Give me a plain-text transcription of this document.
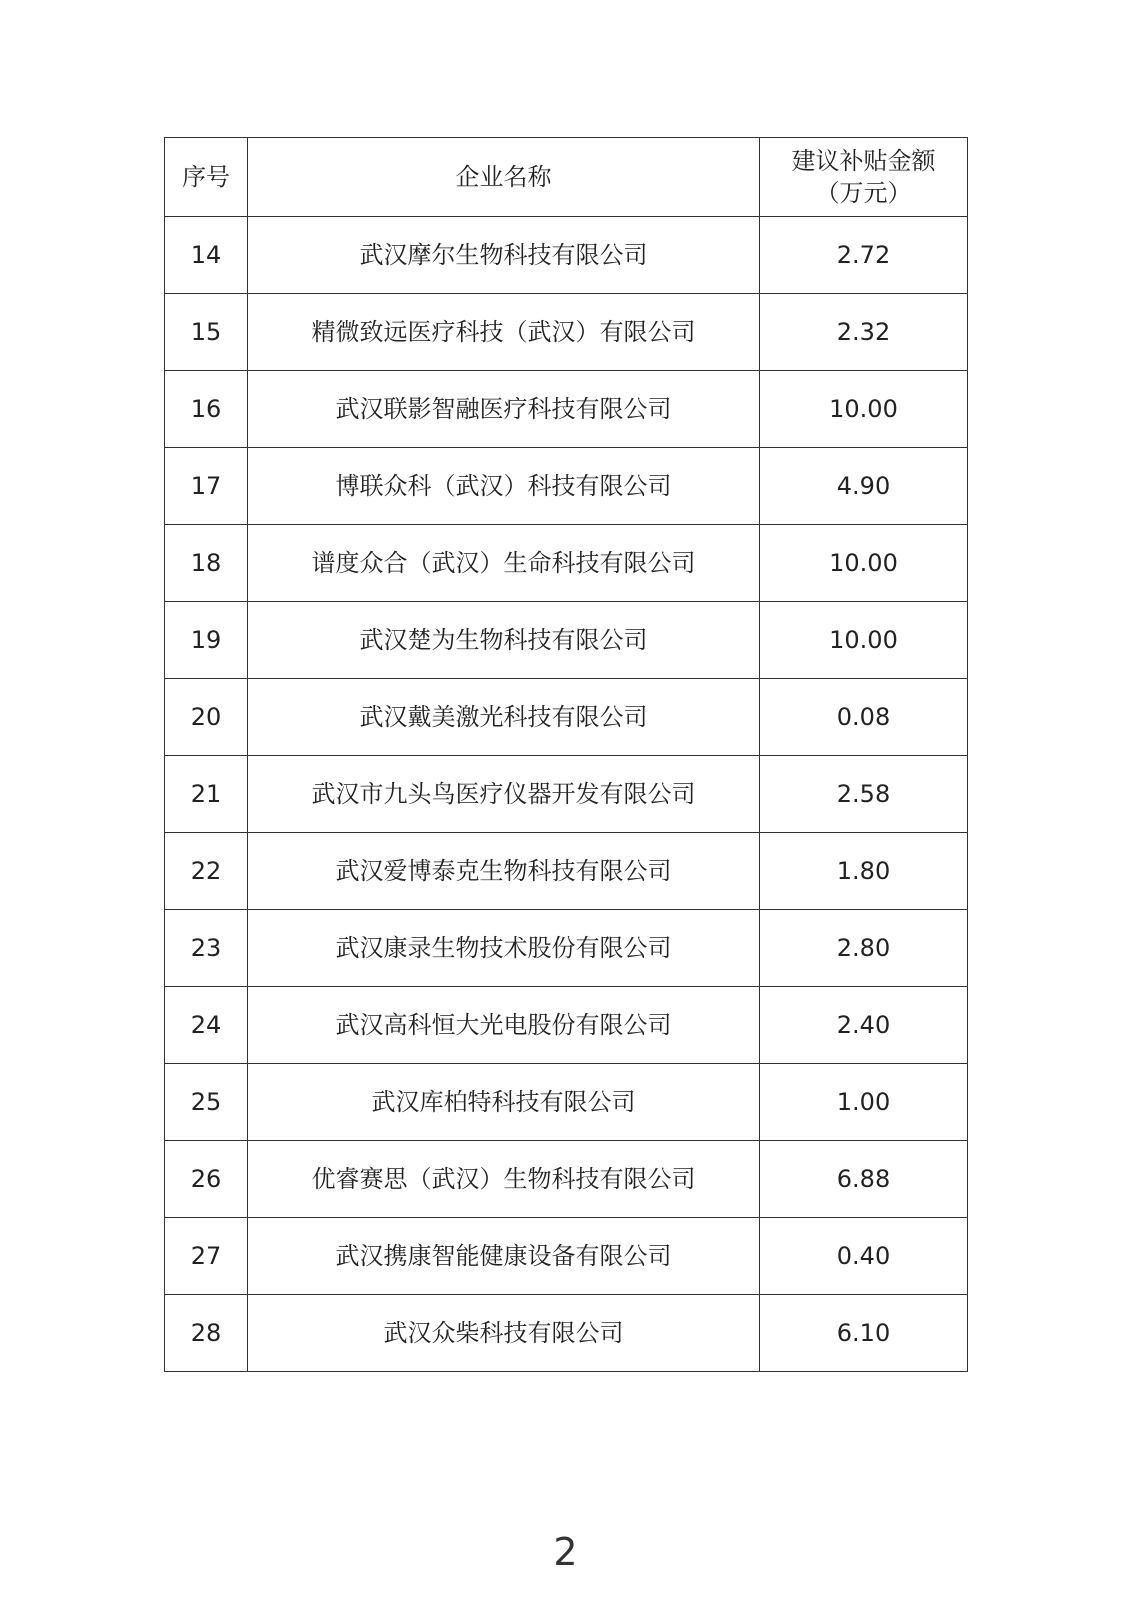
序号	企业名称	建议补贴金额
（万元）

14	武汉摩尔生物科技有限公司	2.72
15	精微致远医疗科技（武汉）有限公司	2.32
16	武汉联影智融医疗科技有限公司	10.00
17	博联众科（武汉）科技有限公司	4.90
18	谱度众合（武汉）生命科技有限公司	10.00
19	武汉楚为生物科技有限公司	10.00
20	武汉戴美激光科技有限公司	0.08
21	武汉市九头鸟医疗仪器开发有限公司	2.58
22	武汉爱博泰克生物科技有限公司	1.80
23	武汉康录生物技术股份有限公司	2.80
24	武汉高科恒大光电股份有限公司	2.40
25	武汉库柏特科技有限公司	1.00
26	优睿赛思（武汉）生物科技有限公司	6.88
27	武汉携康智能健康设备有限公司	0.40
28	武汉众柴科技有限公司	6.10
2
